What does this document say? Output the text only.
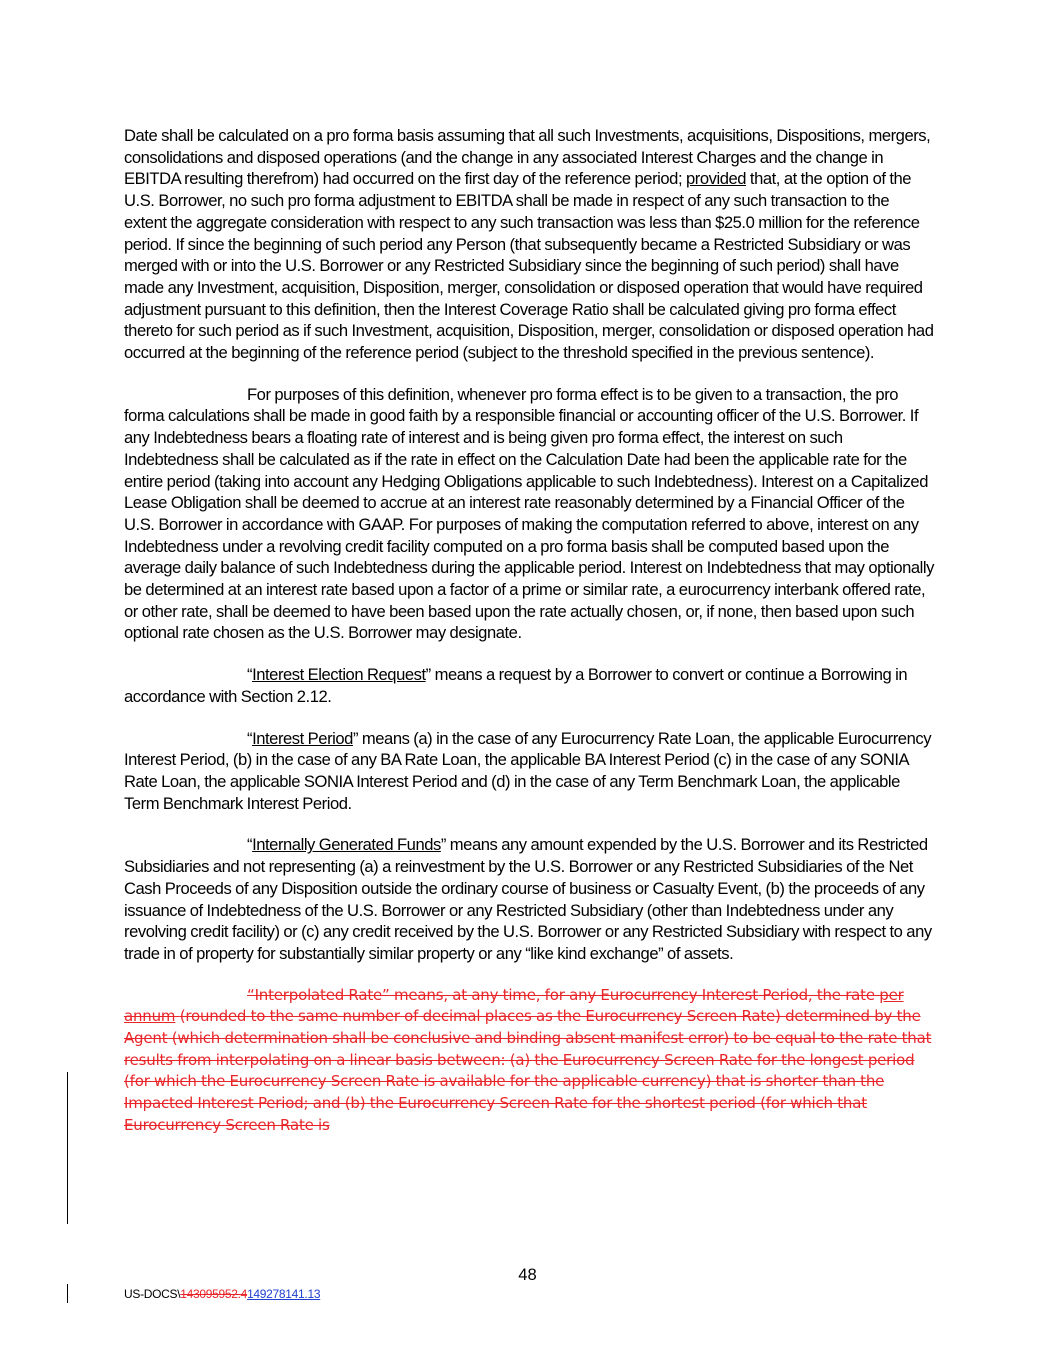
Date shall be calculated on a pro forma basis assuming that all such Investments, acquisitions, Dispositions, mergers, consolidations and disposed operations (and the change in any associated Interest Charges and the change in EBITDA resulting therefrom) had occurred on the first day of the reference period; provided that, at the option of the U.S. Borrower, no such pro forma adjustment to EBITDA shall be made in respect of any such transaction to the extent the aggregate consideration with respect to any such transaction was less than $25.0 million for the reference period. If since the beginning of such period any Person (that subsequently became a Restricted Subsidiary or was merged with or into the U.S. Borrower or any Restricted Subsidiary since the beginning of such period) shall have made any Investment, acquisition, Disposition, merger, consolidation or disposed operation that would have required adjustment pursuant to this definition, then the Interest Coverage Ratio shall be calculated giving pro forma effect thereto for such period as if such Investment, acquisition, Disposition, merger, consolidation or disposed operation had occurred at the beginning of the reference period (subject to the threshold specified in the previous sentence).

For purposes of this definition, whenever pro forma effect is to be given to a transaction, the pro forma calculations shall be made in good faith by a responsible financial or accounting officer of the U.S. Borrower. If any Indebtedness bears a floating rate of interest and is being given pro forma effect, the interest on such Indebtedness shall be calculated as if the rate in effect on the Calculation Date had been the applicable rate for the entire period (taking into account any Hedging Obligations applicable to such Indebtedness). Interest on a Capitalized Lease Obligation shall be deemed to accrue at an interest rate reasonably determined by a Financial Officer of the U.S. Borrower in accordance with GAAP. For purposes of making the computation referred to above, interest on any Indebtedness under a revolving credit facility computed on a pro forma basis shall be computed based upon the average daily balance of such Indebtedness during the applicable period. Interest on Indebtedness that may optionally be determined at an interest rate based upon a factor of a prime or similar rate, a eurocurrency interbank offered rate, or other rate, shall be deemed to have been based upon the rate actually chosen, or, if none, then based upon such optional rate chosen as the U.S. Borrower may designate.

“Interest Election Request” means a request by a Borrower to convert or continue a Borrowing in accordance with Section 2.12.

“Interest Period” means (a) in the case of any Eurocurrency Rate Loan, the applicable Eurocurrency Interest Period, (b) in the case of any BA Rate Loan, the applicable BA Interest Period (c) in the case of any SONIA Rate Loan, the applicable SONIA Interest Period and (d) in the case of any Term Benchmark Loan, the applicable Term Benchmark Interest Period.

“Internally Generated Funds” means any amount expended by the U.S. Borrower and its Restricted Subsidiaries and not representing (a) a reinvestment by the U.S. Borrower or any Restricted Subsidiaries of the Net Cash Proceeds of any Disposition outside the ordinary course of business or Casualty Event, (b) the proceeds of any issuance of Indebtedness of the U.S. Borrower or any Restricted Subsidiary (other than Indebtedness under any revolving credit facility) or (c) any credit received by the U.S. Borrower or any Restricted Subsidiary with respect to any trade in of property for substantially similar property or any “like kind exchange” of assets.

“Interpolated Rate” means, at any time, for any Eurocurrency Interest Period, the rate per annum (rounded to the same number of decimal places as the Eurocurrency Screen Rate) determined by the Agent (which determination shall be conclusive and binding absent manifest error) to be equal to the rate that results from interpolating on a linear basis between: (a) the Eurocurrency Screen Rate for the longest period (for which the Eurocurrency Screen Rate is available for the applicable currency) that is shorter than the Impacted Interest Period; and (b) the Eurocurrency Screen Rate for the shortest period (for which that Eurocurrency Screen Rate is

48
US-DOCS\143095952.4149278141.13
